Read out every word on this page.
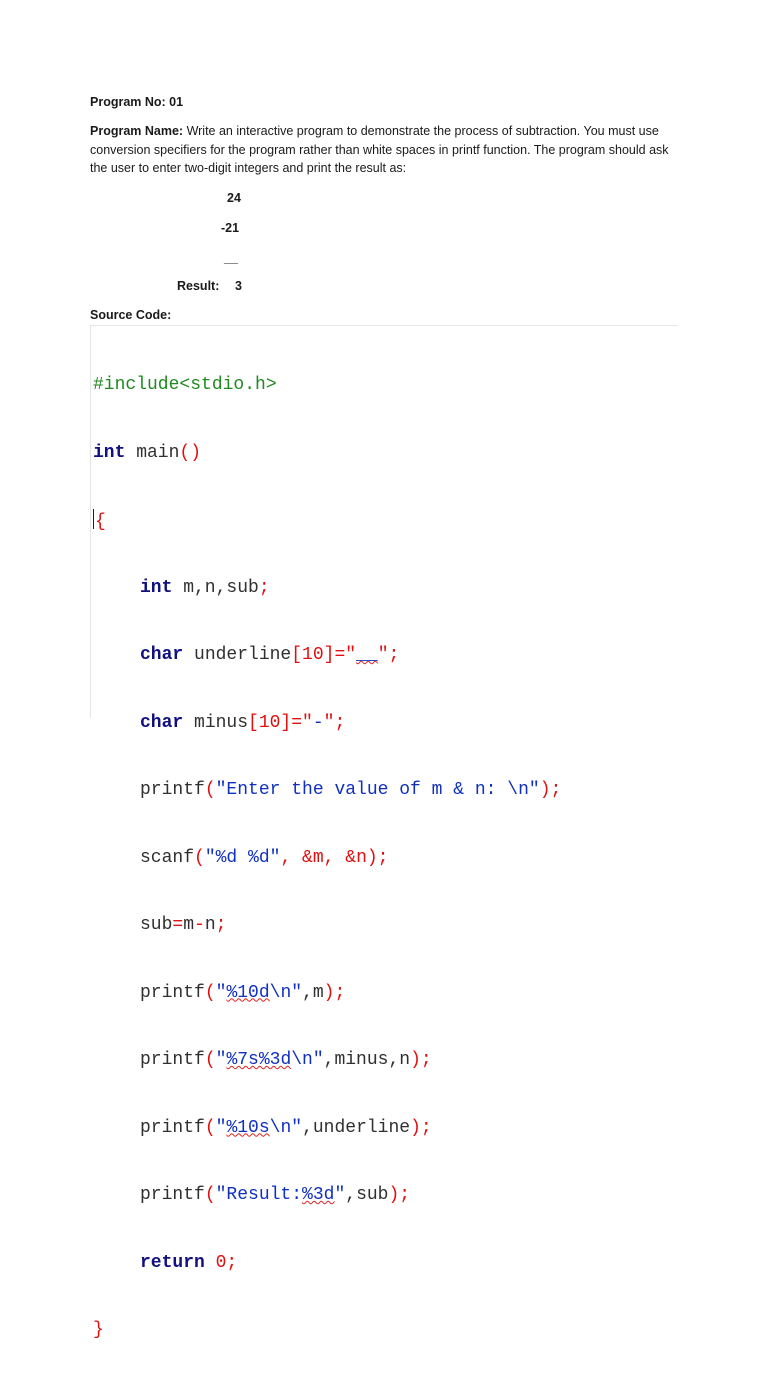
Program No: 01
Program Name: Write an interactive program to demonstrate the process of subtraction. You must use conversion specifiers for the program rather than white spaces in printf function. The program should ask the user to enter two-digit integers and print the result as:
24
-21
__
Result: 3
Source Code:

#include<stdio.h>

int main()

{

int m,n,sub;

char underline[10]="__";

char minus[10]="-";

printf("Enter the value of m & n: \n");

scanf("%d %d", &m, &n);

sub=m-n;

printf("%10d\n",m);

printf("%7s%3d\n",minus,n);

printf("%10s\n",underline);

printf("Result:%3d",sub);

return 0;

}
